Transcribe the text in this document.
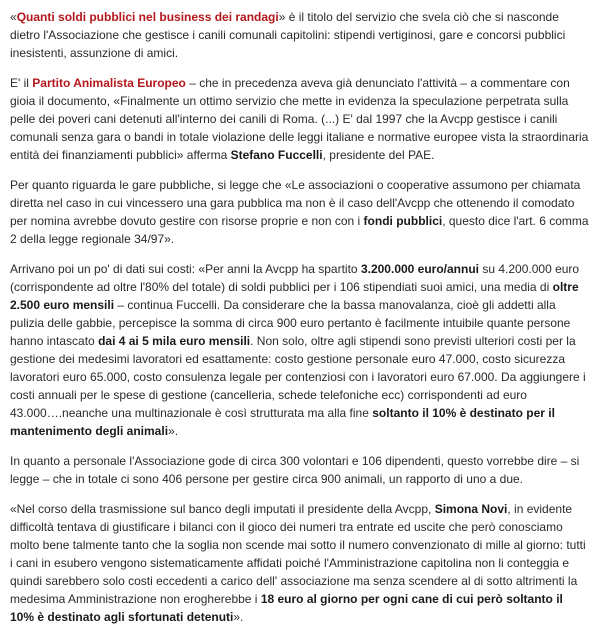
«Quanti soldi pubblici nel business dei randagi» è il titolo del servizio che svela ciò che si nasconde dietro l'Associazione che gestisce i canili comunali capitolini: stipendi vertiginosi, gare e concorsi pubblici inesistenti, assunzione di amici.

E' il Partito Animalista Europeo – che in precedenza aveva già denunciato l'attività – a commentare con gioia il documento, «Finalmente un ottimo servizio che mette in evidenza la speculazione perpetrata sulla pelle dei poveri cani detenuti all'interno dei canili di Roma. (...) E' dal 1997 che la Avcpp gestisce i canili comunali senza gara o bandi in totale violazione delle leggi italiane e normative europee vista la straordinaria entità dei finanziamenti pubblici» afferma Stefano Fuccelli, presidente del PAE.

Per quanto riguarda le gare pubbliche, si legge che «Le associazioni o cooperative assumono per chiamata diretta nel caso in cui vincessero una gara pubblica ma non è il caso dell'Avcpp che ottenendo il comodato per nomina avrebbe dovuto gestire con risorse proprie e non con i fondi pubblici, questo dice l'art. 6 comma 2 della legge regionale 34/97».

Arrivano poi un po' di dati sui costi: «Per anni la Avcpp ha spartito 3.200.000 euro/annui su 4.200.000 euro (corrispondente ad oltre l'80% del totale) di soldi pubblici per i 106 stipendiati suoi amici, una media di oltre 2.500 euro mensili – continua Fuccelli. Da considerare che la bassa manovalanza, cioè gli addetti alla pulizia delle gabbie, percepisce la somma di circa 900 euro pertanto è facilmente intuibile quante persone hanno intascato dai 4 ai 5 mila euro mensili. Non solo, oltre agli stipendi sono previsti ulteriori costi per la gestione dei medesimi lavoratori ed esattamente: costo gestione personale euro 47.000, costo sicurezza lavoratori euro 65.000, costo consulenza legale per contenziosi con i lavoratori euro 67.000. Da aggiungere i costi annuali per le spese di gestione (cancelleria, schede telefoniche ecc) corrispondenti ad euro 43.000….neanche una multinazionale è così strutturata ma alla fine soltanto il 10% è destinato per il mantenimento degli animali».

In quanto a personale l'Associazione gode di circa 300 volontari e 106 dipendenti, questo vorrebbe dire – si legge – che in totale ci sono 406 persone per gestire circa 900 animali, un rapporto di uno a due.

«Nel corso della trasmissione sul banco degli imputati il presidente della Avcpp, Simona Novi, in evidente difficoltà tentava di giustificare i bilanci con il gioco dei numeri tra entrate ed uscite che però conosciamo molto bene talmente tanto che la soglia non scende mai sotto il numero convenzionato di mille al giorno: tutti i cani in esubero vengono sistematicamente affidati poiché l'Amministrazione capitolina non li conteggia e quindi sarebbero solo costi eccedenti a carico dell' associazione ma senza scendere al di sotto altrimenti la medesima Amministrazione non erogherebbe i 18 euro al giorno per ogni cane di cui però soltanto il 10% è destinato agli sfortunati detenuti».
